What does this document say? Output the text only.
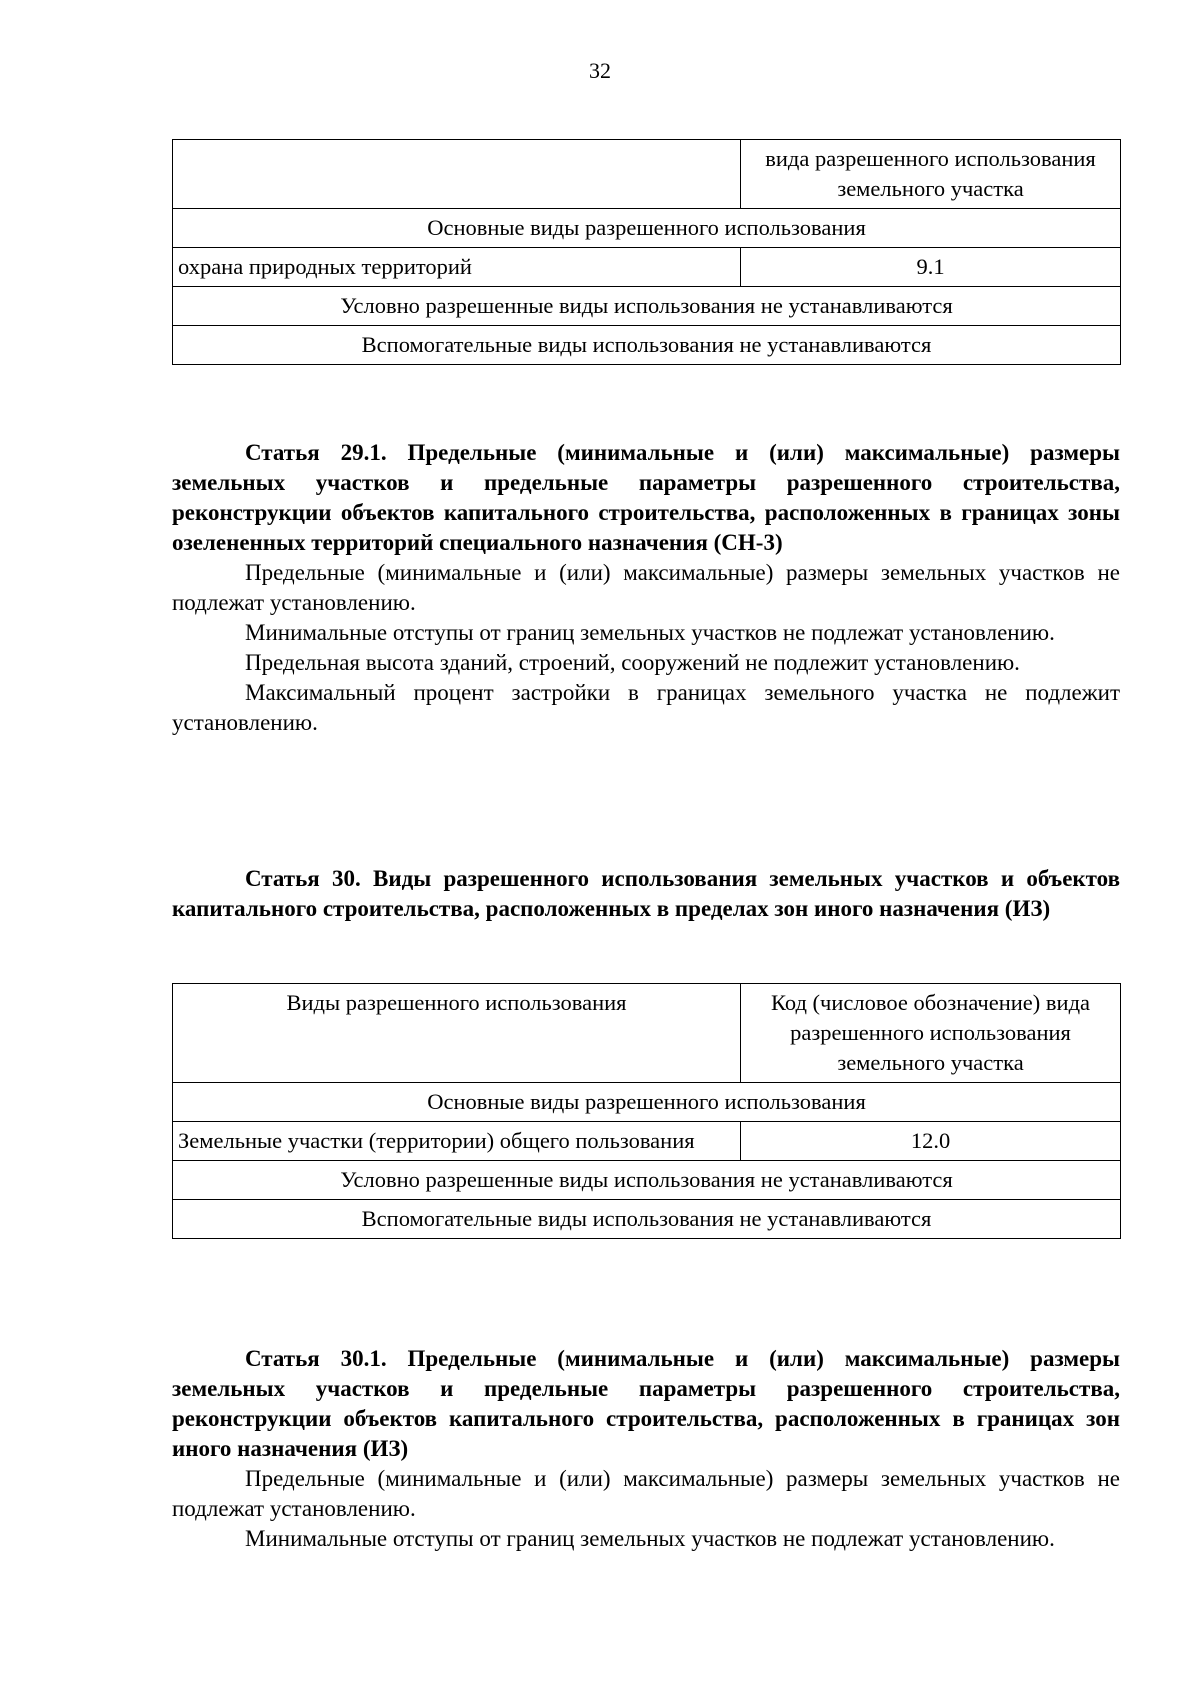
32
	вида разрешенного использования земельного участка
Основные виды разрешенного использования	
охрана природных территорий	9.1
Условно разрешенные виды использования не устанавливаются	
Вспомогательные виды использования не устанавливаются	
Статья 29.1. Предельные (минимальные и (или) максимальные) размеры земельных участков и предельные параметры разрешенного строительства, реконструкции объектов капитального строительства, расположенных в границах зоны озелененных территорий специального назначения (СН-3)

Предельные (минимальные и (или) максимальные) размеры земельных участков не подлежат установлению.

Минимальные отступы от границ земельных участков не подлежат установлению.

Предельная высота зданий, строений, сооружений не подлежит установлению.

Максимальный процент застройки в границах земельного участка не подлежит установлению.

Статья 30. Виды разрешенного использования земельных участков и объектов капитального строительства, расположенных в пределах зон иного назначения (ИЗ)
Виды разрешенного использования	Код (числовое обозначение) вида разрешенного использования земельного участка
Основные виды разрешенного использования	
Земельные участки (территории) общего пользования	12.0
Условно разрешенные виды использования не устанавливаются	
Вспомогательные виды использования не устанавливаются	
Статья 30.1. Предельные (минимальные и (или) максимальные) размеры земельных участков и предельные параметры разрешенного строительства, реконструкции объектов капитального строительства, расположенных в границах зон иного назначения (ИЗ)

Предельные (минимальные и (или) максимальные) размеры земельных участков не подлежат установлению.

Минимальные отступы от границ земельных участков не подлежат установлению.
